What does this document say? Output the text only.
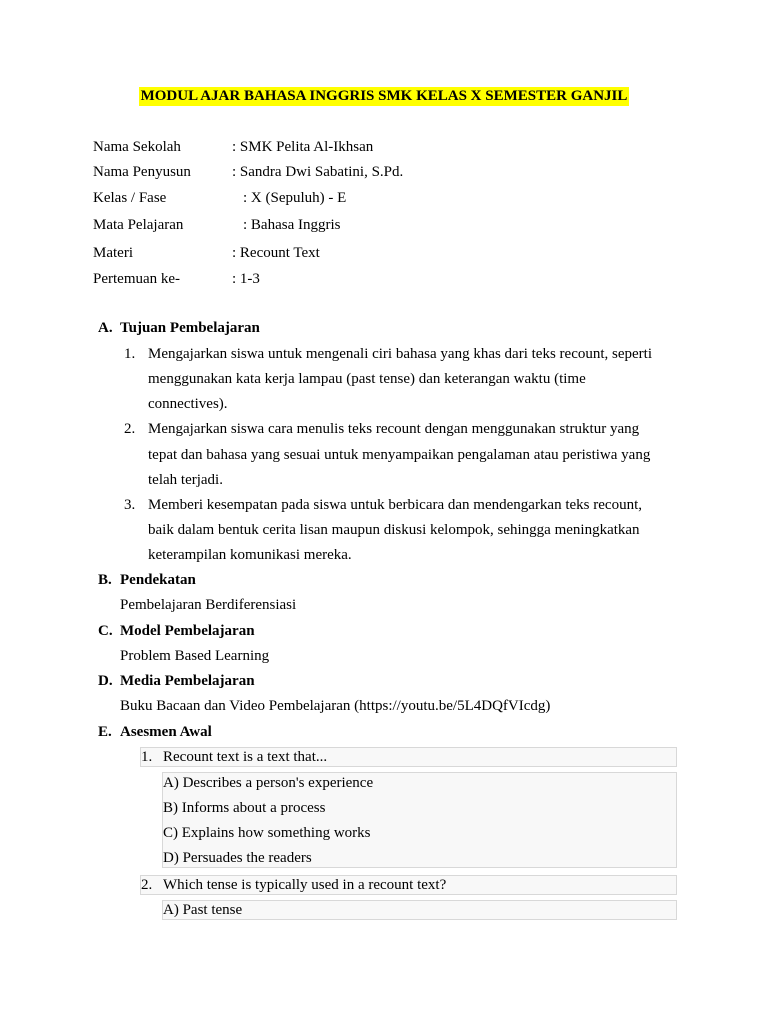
MODUL AJAR BAHASA INGGRIS SMK KELAS X SEMESTER GANJIL
Nama Sekolah	: SMK Pelita Al-Ikhsan
Nama Penyusun	: Sandra Dwi Sabatini, S.Pd.
Kelas / Fase	: X (Sepuluh) - E
Mata Pelajaran	: Bahasa Inggris
Materi	: Recount Text
Pertemuan ke-	: 1-3
A. Tujuan Pembelajaran
1. Mengajarkan siswa untuk mengenali ciri bahasa yang khas dari teks recount, seperti
menggunakan kata kerja lampau (past tense) dan keterangan waktu (time
connectives).
2. Mengajarkan siswa cara menulis teks recount dengan menggunakan struktur yang
tepat dan bahasa yang sesuai untuk menyampaikan pengalaman atau peristiwa yang
telah terjadi.
3. Memberi kesempatan pada siswa untuk berbicara dan mendengarkan teks recount,
baik dalam bentuk cerita lisan maupun diskusi kelompok, sehingga meningkatkan
keterampilan komunikasi mereka.
B. Pendekatan
Pembelajaran Berdiferensiasi
C. Model Pembelajaran
Problem Based Learning
D. Media Pembelajaran
Buku Bacaan dan Video Pembelajaran (https://youtu.be/5L4DQfVIcdg)
E. Asesmen Awal
1. Recount text is a text that...
A) Describes a person's experience
B) Informs about a process
C) Explains how something works
D) Persuades the readers
2. Which tense is typically used in a recount text?
A) Past tense
